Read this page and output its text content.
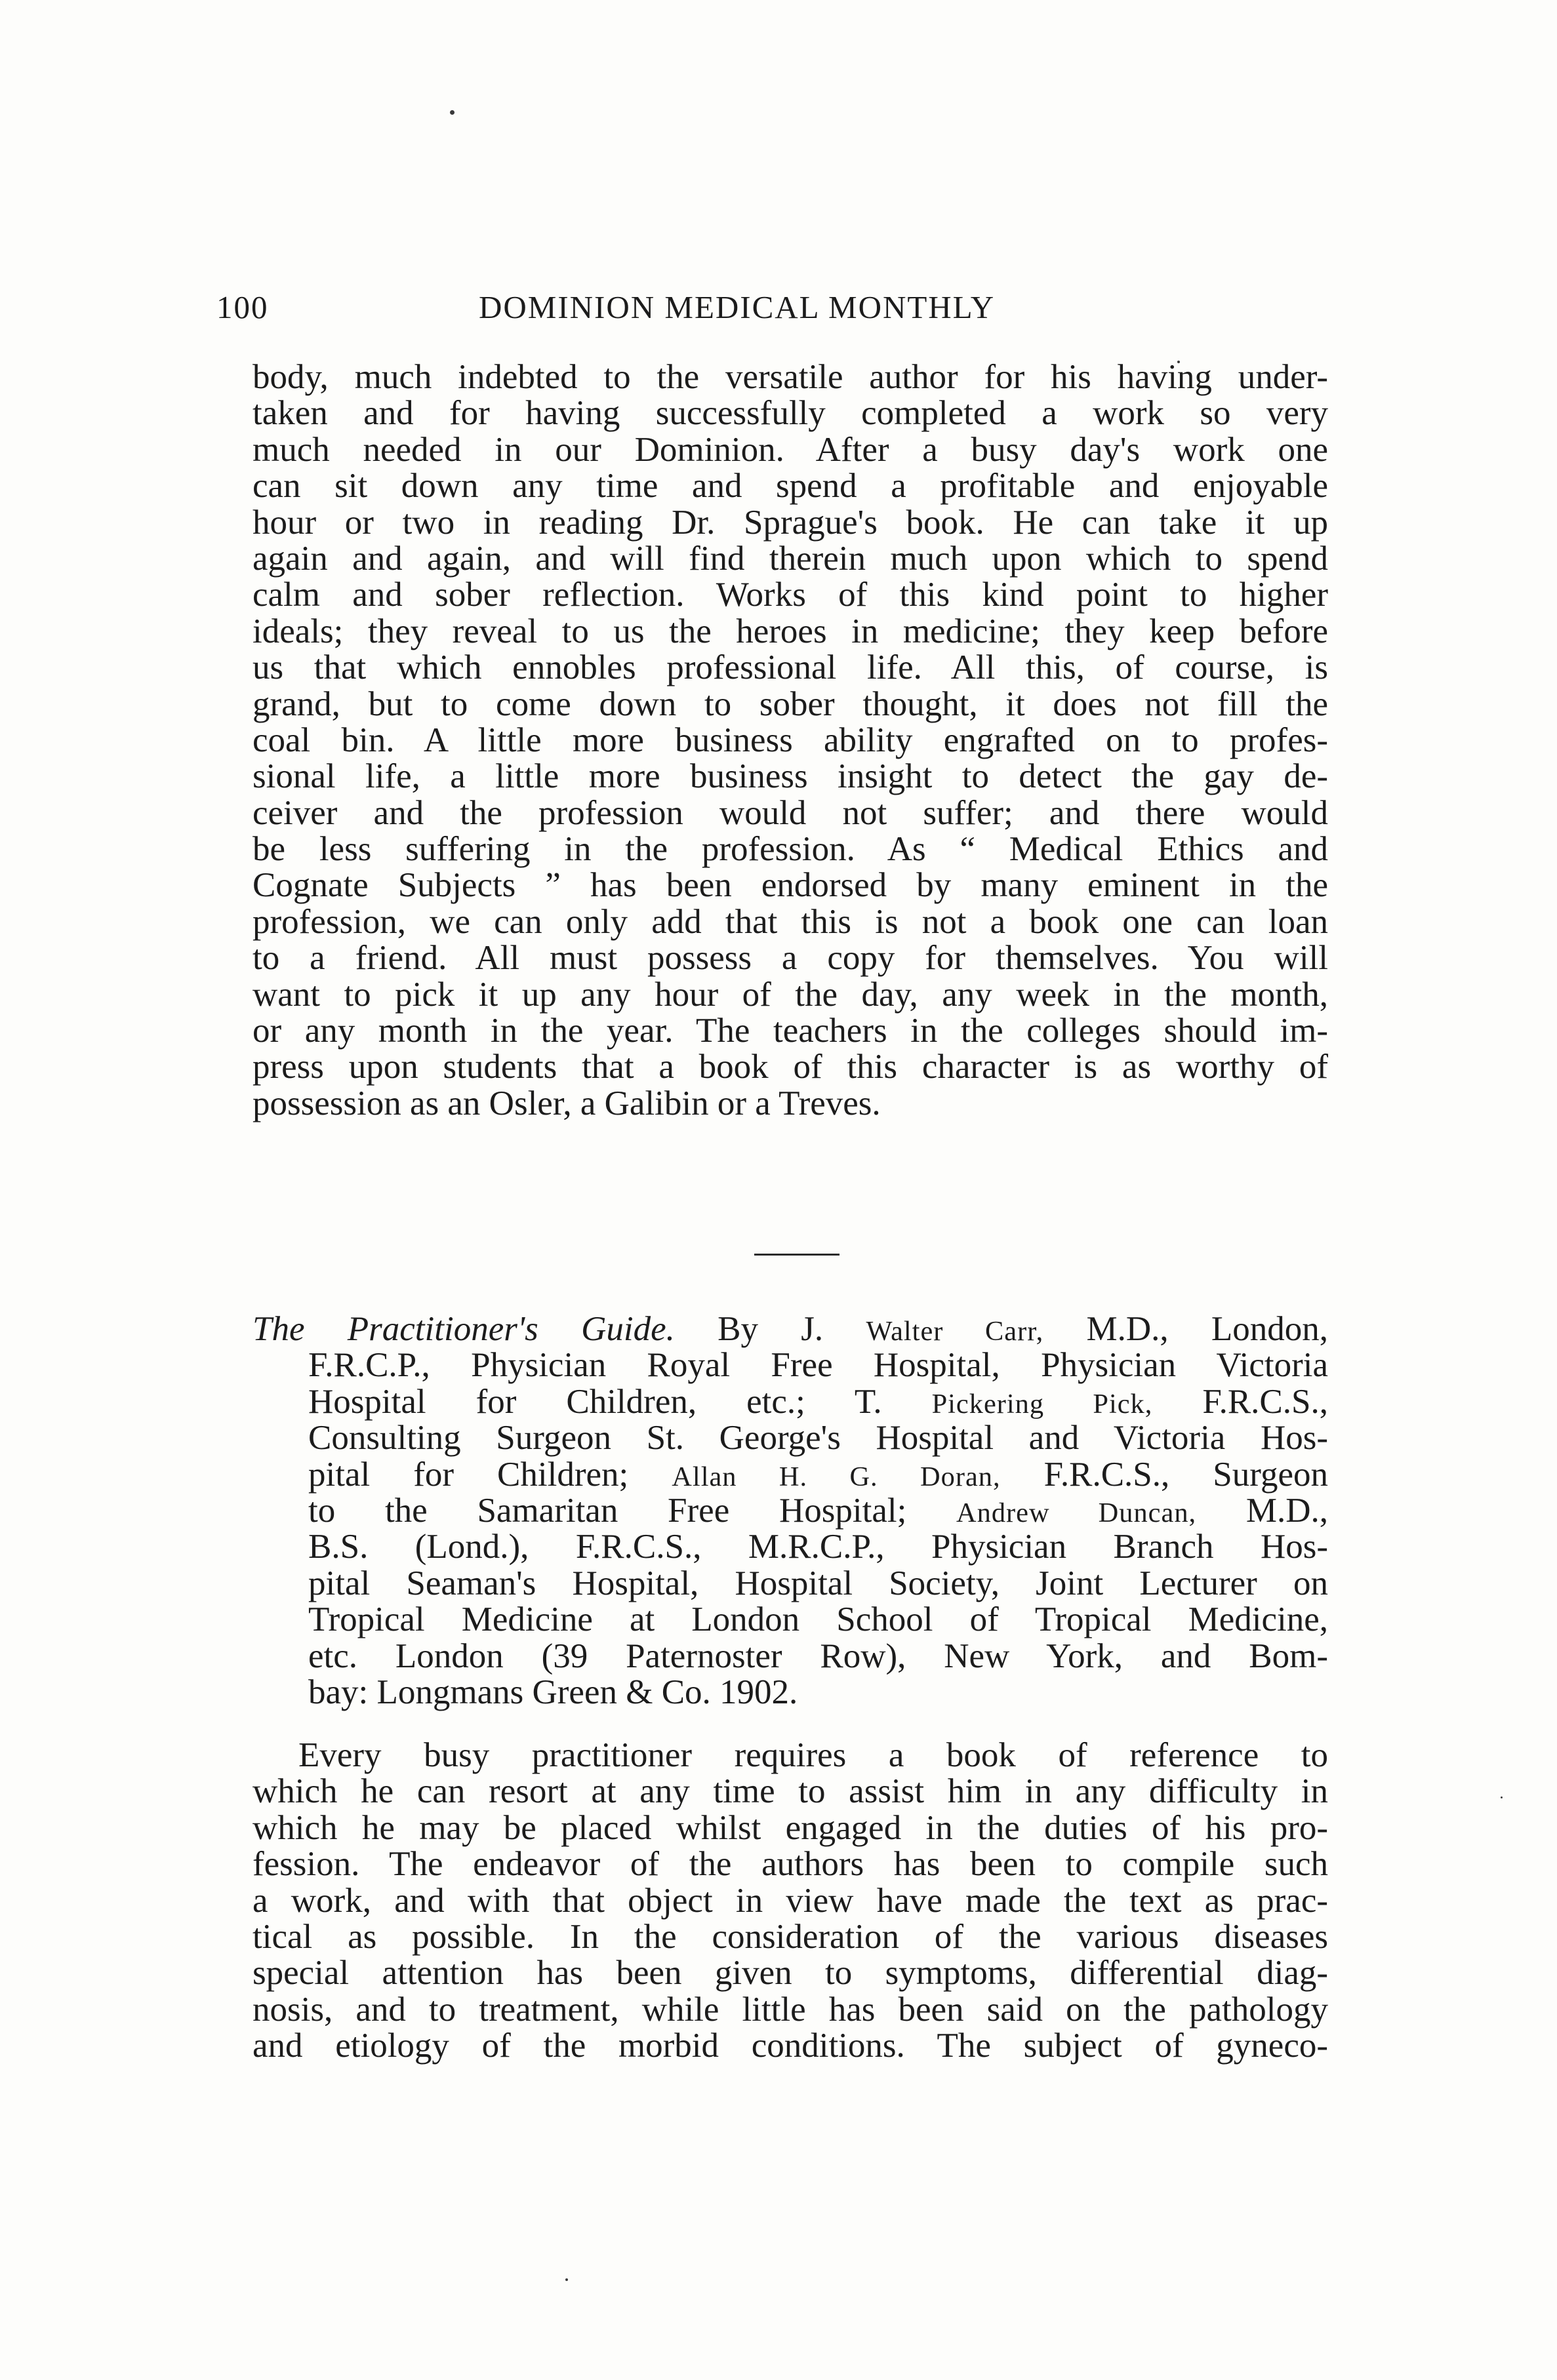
100	DOMINION MEDICAL MONTHLY
body, much indebted to the versatile author for his having under-
taken and for having successfully completed a work so very
much needed in our Dominion. After a busy day's work one
can sit down any time and spend a profitable and enjoyable
hour or two in reading Dr. Sprague's book. He can take it up
again and again, and will find therein much upon which to spend
calm and sober reflection. Works of this kind point to higher
ideals; they reveal to us the heroes in medicine; they keep before
us that which ennobles professional life. All this, of course, is
grand, but to come down to sober thought, it does not fill the
coal bin. A little more business ability engrafted on to profes-
sional life, a little more business insight to detect the gay de-
ceiver and the profession would not suffer; and there would
be less suffering in the profession. As “ Medical Ethics and
Cognate Subjects ” has been endorsed by many eminent in the
profession, we can only add that this is not a book one can loan
to a friend. All must possess a copy for themselves. You will
want to pick it up any hour of the day, any week in the month,
or any month in the year. The teachers in the colleges should im-
press upon students that a book of this character is as worthy of
possession as an Osler, a Galibin or a Treves.
The Practitioner's Guide. By J. Walter Carr, M.D., London,
F.R.C.P., Physician Royal Free Hospital, Physician Victoria
Hospital for Children, etc.; T. Pickering Pick, F.R.C.S.,
Consulting Surgeon St. George's Hospital and Victoria Hos-
pital for Children; Allan H. G. Doran, F.R.C.S., Surgeon
to the Samaritan Free Hospital; Andrew Duncan, M.D.,
B.S. (Lond.), F.R.C.S., M.R.C.P., Physician Branch Hos-
pital Seaman's Hospital, Hospital Society, Joint Lecturer on
Tropical Medicine at London School of Tropical Medicine,
etc. London (39 Paternoster Row), New York, and Bom-
bay: Longmans Green & Co. 1902.
Every busy practitioner requires a book of reference to
which he can resort at any time to assist him in any difficulty in
which he may be placed whilst engaged in the duties of his pro-
fession. The endeavor of the authors has been to compile such
a work, and with that object in view have made the text as prac-
tical as possible. In the consideration of the various diseases
special attention has been given to symptoms, differential diag-
nosis, and to treatment, while little has been said on the pathology
and etiology of the morbid conditions. The subject of gyneco-
